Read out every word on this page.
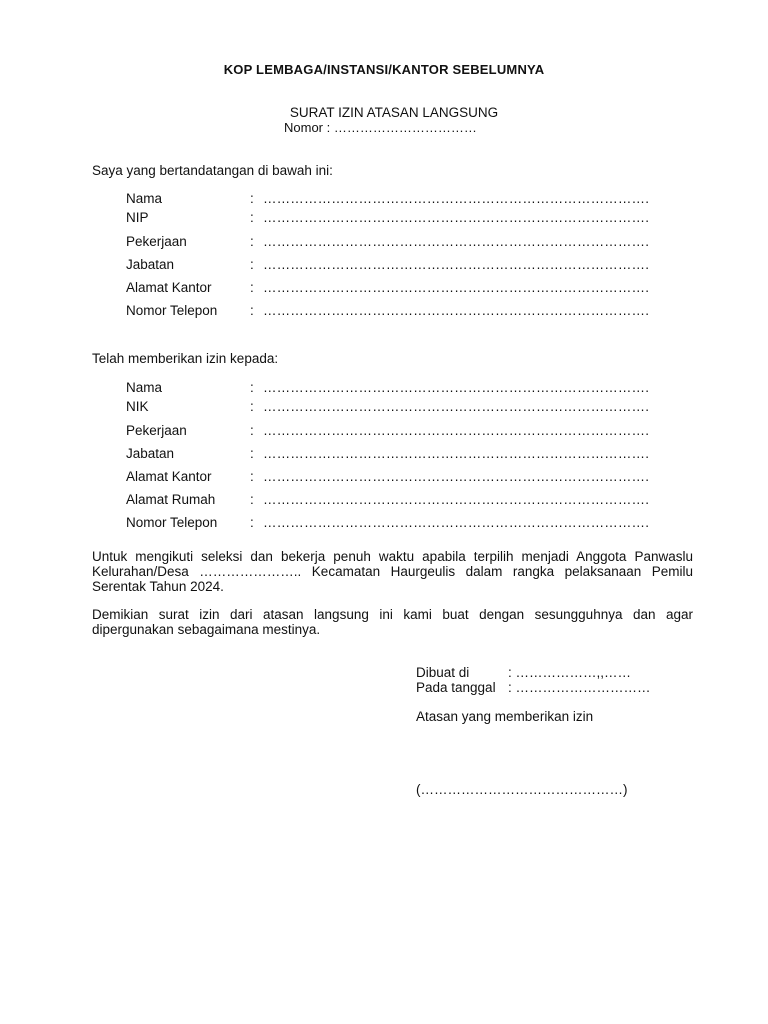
KOP LEMBAGA/INSTANSI/KANTOR SEBELUMNYA
SURAT IZIN ATASAN LANGSUNG
Nomor : ……………………………
Saya yang bertandatangan di bawah ini:
Nama	: ………………………………………………………………………….
NIP	: ………………………………………………………………………….
Pekerjaan	: ………………………………………………………………………….
Jabatan	: ………………………………………………………………………….
Alamat Kantor	: ………………………………………………………………………….
Nomor Telepon : ………………………………………………………………………….
Telah memberikan izin kepada:
Nama	: ………………………………………………………………………….
NIK	: ………………………………………………………………………….
Pekerjaan	: ………………………………………………………………………….
Jabatan	: ………………………………………………………………………….
Alamat Kantor	: ………………………………………………………………………….
Alamat Rumah	: ………………………………………………………………………….
Nomor Telepon : ………………………………………………………………………….
Untuk mengikuti seleksi dan bekerja penuh waktu apabila terpilih menjadi Anggota Panwaslu Kelurahan/Desa ………………….. Kecamatan Haurgeulis dalam rangka pelaksanaan Pemilu Serentak Tahun 2024.
Demikian surat izin dari atasan langsung ini kami buat dengan sesungguhnya dan agar dipergunakan sebagaimana mestinya.
Dibuat di	: ………………,,……
Pada tanggal : …………………………
Atasan yang memberikan izin
(………………………………………)
